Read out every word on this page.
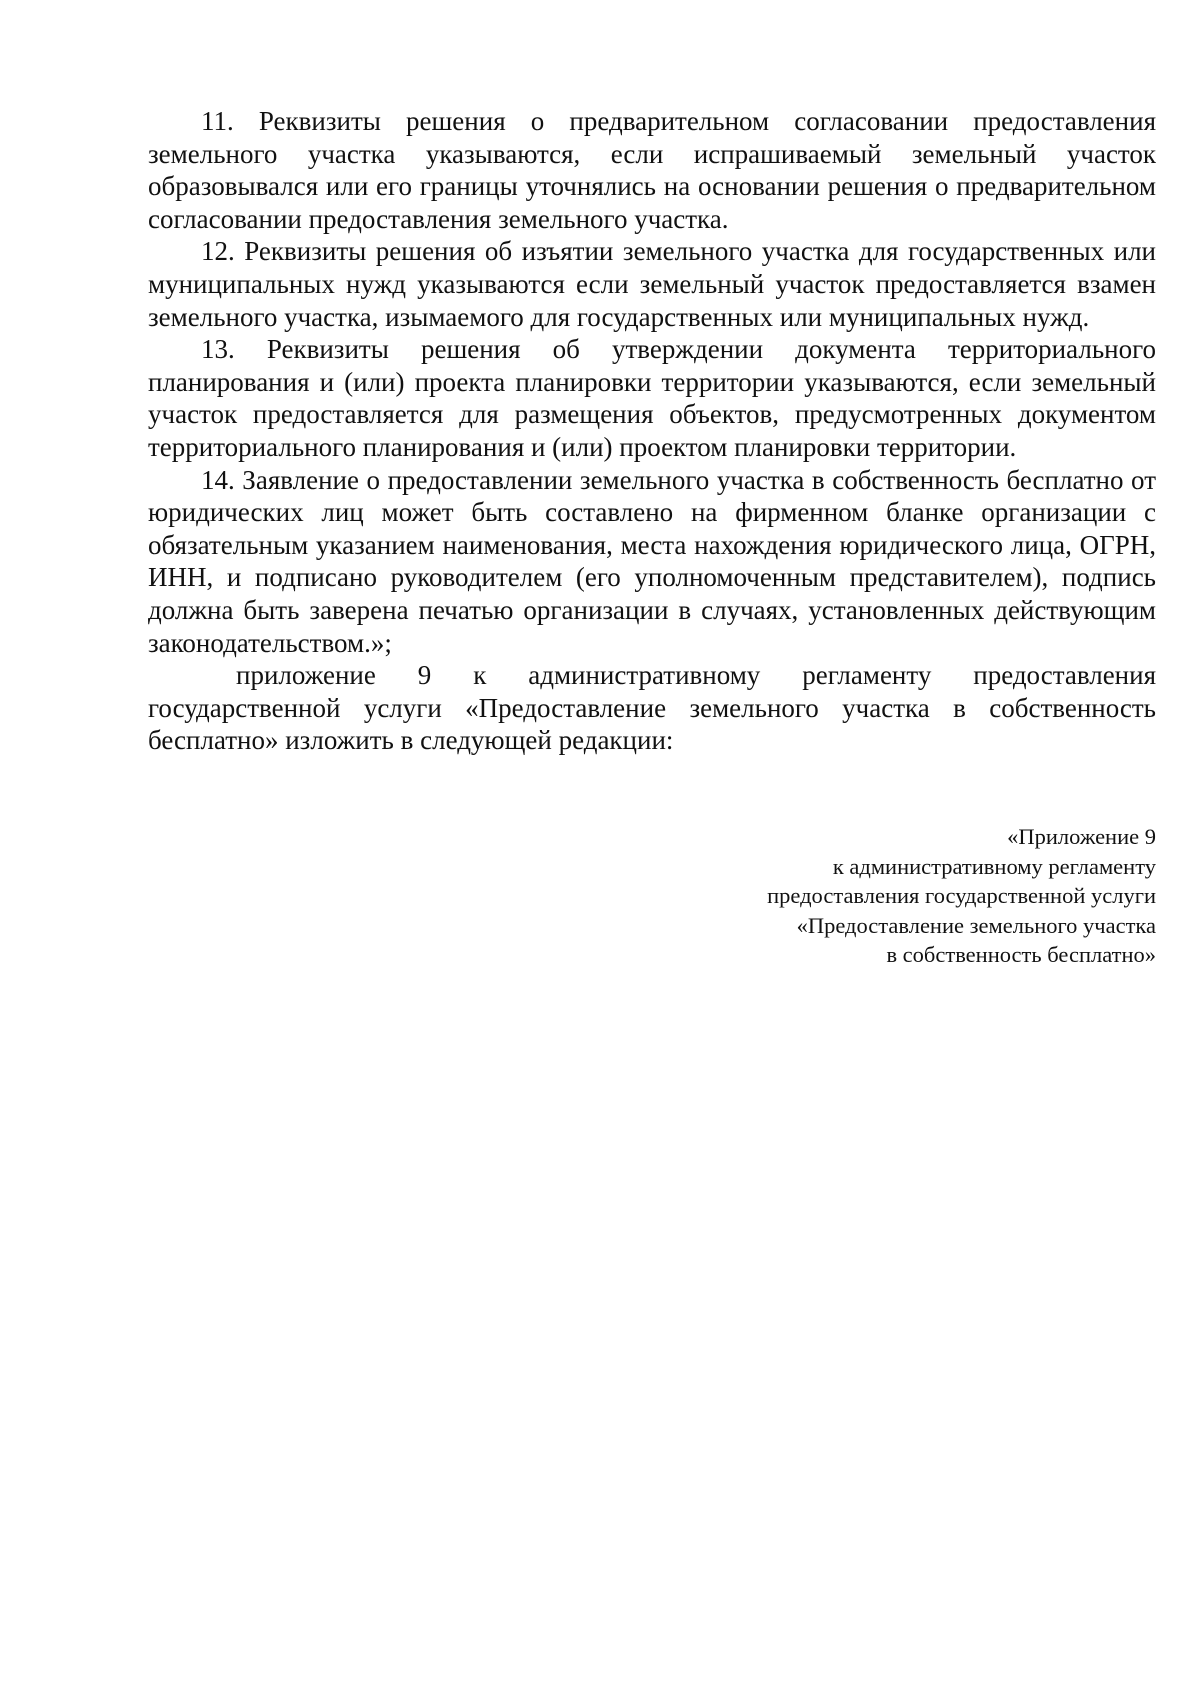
11. Реквизиты решения о предварительном согласовании предоставления земельного участка указываются, если испрашиваемый земельный участок образовывался или его границы уточнялись на основании решения о предварительном согласовании предоставления земельного участка.

12. Реквизиты решения об изъятии земельного участка для государственных или муниципальных нужд указываются если земельный участок предоставляется взамен земельного участка, изымаемого для государственных или муниципальных нужд.

13. Реквизиты решения об утверждении документа территориального планирования и (или) проекта планировки территории указываются, если земельный участок предоставляется для размещения объектов, предусмотренных документом территориального планирования и (или) проектом планировки территории.

14. Заявление о предоставлении земельного участка в собственность бесплатно от юридических лиц может быть составлено на фирменном бланке организации с обязательным указанием наименования, места нахождения юридического лица, ОГРН, ИНН, и подписано руководителем (его уполномоченным представителем), подпись должна быть заверена печатью организации в случаях, установленных действующим законодательством.»;

приложение 9 к административному регламенту предоставления государственной услуги «Предоставление земельного участка в собственность бесплатно» изложить в следующей редакции:

«Приложение 9
к административному регламенту
предоставления государственной услуги
«Предоставление земельного участка
в собственность бесплатно»
